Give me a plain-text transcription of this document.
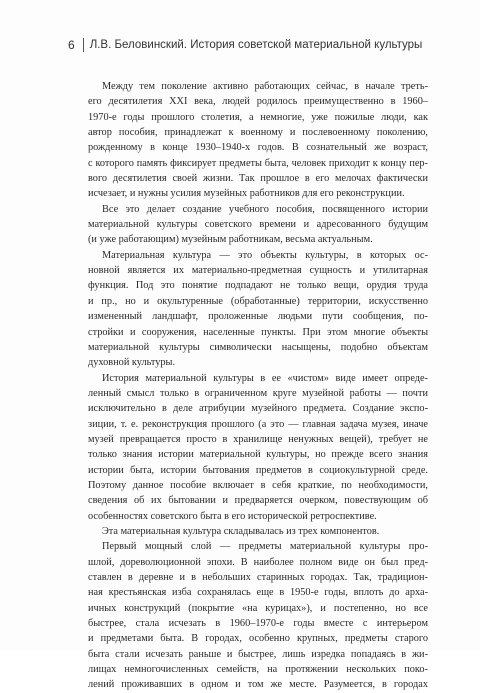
6 Л.В. Беловинский. История советской материальной культуры
Между тем поколение активно работающих сейчас, в начале треть-
его десятилетия XXI века, людей родилось преимущественно в 1960–
1970-е годы прошлого столетия, а немногие, уже пожилые люди, как
автор пособия, принадлежат к военному и послевоенному поколению,
рожденному в конце 1930–1940-х годов. В сознательный же возраст,
с которого память фиксирует предметы быта, человек приходит к концу пер-
вого десятилетия своей жизни. Так прошлое в его мелочах фактически
исчезает, и нужны усилия музейных работников для его реконструкции.
Все это делает создание учебного пособия, посвященного истории
материальной культуры советского времени и адресованного будущим
(и уже работающим) музейным работникам, весьма актуальным.
Материальная культура — это объекты культуры, в которых ос-
новной является их материально-предметная сущность и утилитарная
функция. Под это понятие подпадают не только вещи, орудия труда
и пр., но и окультуренные (обработанные) территории, искусственно
измененный ландшафт, проложенные людьми пути сообщения, по-
стройки и сооружения, населенные пункты. При этом многие объекты
материальной культуры символически насыщены, подобно объектам
духовной культуры.
История материальной культуры в ее «чистом» виде имеет опреде-
ленный смысл только в ограниченном круге музейной работы — почти
исключительно в деле атрибуции музейного предмета. Создание экспо-
зиции, т. е. реконструкция прошлого (а это — главная задача музея, иначе
музей превращается просто в хранилище ненужных вещей), требует не
только знания истории материальной культуры, но прежде всего знания
истории быта, истории бытования предметов в социокультурной среде.
Поэтому данное пособие включает в себя краткие, по необходимости,
сведения об их бытовании и предваряется очерком, повествующим об
особенностях советского быта в его исторической ретроспективе.
Эта материальная культура складывалась из трех компонентов.
Первый мощный слой — предметы материальной культуры про-
шлой, дореволюционной эпохи. В наиболее полном виде он был пред-
ставлен в деревне и в небольших старинных городах. Так, традицион-
ная крестьянская изба сохранялась еще в 1950-е годы, вплоть до арха-
ичных конструкций (покрытие «на курицах»), и постепенно, но все
быстрее, стала исчезать в 1960–1970-е годы вместе с интерьером
и предметами быта. В городах, особенно крупных, предметы старого
быта стали исчезать раньше и быстрее, лишь изредка попадаясь в жи-
лищах немногочисленных семейств, на протяжении нескольких поко-
лений проживавших в одном и том же месте. Разумеется, в городах
